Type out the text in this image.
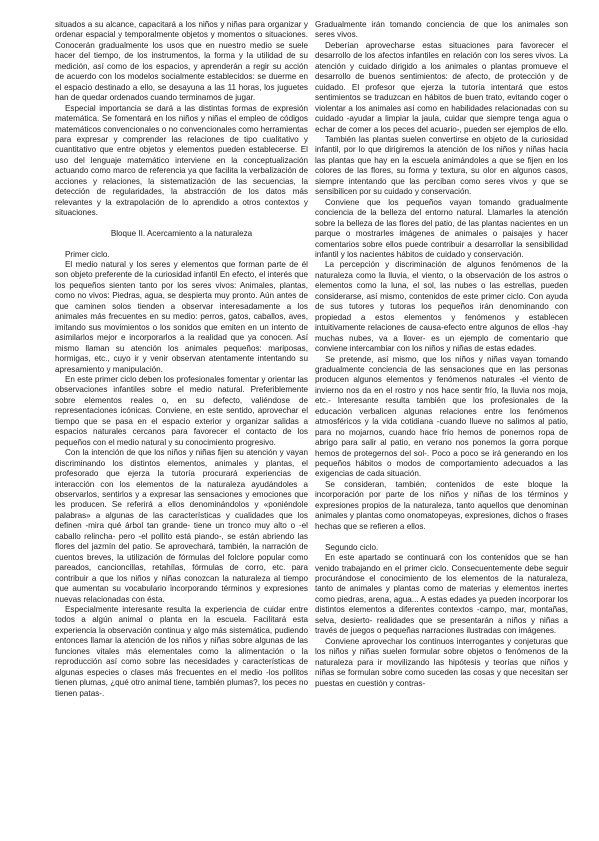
situados a su alcance, capacitará a los niños y niñas para organizar y ordenar espacial y temporalmente objetos y momentos o situaciones. Conocerán gradualmente los usos que en nuestro medio se suele hacer del tiempo, de los instrumentos, la forma y la utilidad de su medición, así como de los espacios, y aprenderán a regir su acción de acuerdo con los modelos socialmente establecidos: se duerme en el espacio destinado a ello, se desayuna a las 11 horas, los juguetes han de quedar ordenados cuando terminamos de jugar.

Especial importancia se dará a las distintas formas de expresión matemática. Se fomentará en los niños y niñas el empleo de códigos matemáticos convencionales o no convencionales como herramientas para expresar y comprender las relaciones de tipo cualitativo y cuantitativo que entre objetos y elementos pueden establecerse. El uso del lenguaje matemático interviene en la conceptualización actuando como marco de referencia ya que facilita la verbalización de acciones y relaciones, la sistematización de las secuencias, la detección de regularidades, la abstracción de los datos más relevantes y la extrapolación de lo aprendido a otros contextos y situaciones.

Bloque II. Acercamiento a la naturaleza

Primer ciclo.

El medio natural y los seres y elementos que forman parte de él son objeto preferente de la curiosidad infantil En efecto, el interés que los pequeños sienten tanto por los seres vivos: Animales, plantas, como no vivos: Piedras, agua, se despierta muy pronto. Aún antes de que caminen solos tienden a observar interesadamente a los animales más frecuentes en su medio: perros, gatos, caballos, aves, imitando sus movimientos o los sonidos que emiten en un intento de asimilarlos mejor e incorporarlos a la realidad que ya conocen. Así mismo llaman su atención los animales pequeños: mariposas, hormigas, etc., cuyo ir y venir observan atentamente intentando su apresamiento y manipulación.

En este primer ciclo deben los profesionales fomentar y orientar las observaciones infantiles sobre el medio natural. Preferiblemente sobre elementos reales o, en su defecto, valiéndose de representaciones icónicas. Conviene, en este sentido, aprovechar el tiempo que se pasa en el espacio exterior y organizar salidas a espacios naturales cercanos para favorecer el contacto de los pequeños con el medio natural y su conocimiento progresivo.

Con la intención de que los niños y niñas fijen su atención y vayan discriminando los distintos elementos, animales y plantas, el profesorado que ejerza la tutoría procurará experiencias de interacción con los elementos de la naturaleza ayudándoles a observarlos, sentirlos y a expresar las sensaciones y emociones que les producen. Se referirá a ellos denominándolos y «poniéndole palabras» a algunas de las características y cualidades que los definen -mira qué árbol tan grande- tiene un tronco muy alto o -el caballo relincha- pero -el pollito está piando-, se están abriendo las flores del jazmín del patio. Se aprovechará, también, la narración de cuentos breves, la utilización de fórmulas del folclore popular como pareados, cancioncillas, retahílas, fórmulas de corro, etc. para contribuir a que los niños y niñas conozcan la naturaleza al tiempo que aumentan su vocabulario incorporando términos y expresiones nuevas relacionadas con ésta.

Especialmente interesante resulta la experiencia de cuidar entre todos a algún animal o planta en la escuela. Facilitará esta experiencia la observación continua y algo más sistemática, pudiendo entonces llamar la atención de los niños y niñas sobre algunas de las funciones vitales más elementales como la alimentación o la reproducción así como sobre las necesidades y características de algunas especies o clases más frecuentes en el medio -los pollitos tienen plumas, ¿qué otro animal tiene, también plumas?, los peces no tienen patas-.

Gradualmente irán tomando conciencia de que los animales son seres vivos.

Deberían aprovecharse estas situaciones para favorecer el desarrollo de los afectos infantiles en relación con los seres vivos. La atención y cuidado dirigido a los animales o plantas promueve el desarrollo de buenos sentimientos: de afecto, de protección y de cuidado. El profesor que ejerza la tutoría intentará que estos sentimientos se traduzcan en hábitos de buen trato, evitando coger o violentar a los animales así como en habilidades relacionadas con su cuidado -ayudar a limpiar la jaula, cuidar que siempre tenga agua o echar de comer a los peces del acuario-, pueden ser ejemplos de ello.

También las plantas suelen convertirse en objeto de la curiosidad infantil, por lo que dirigiremos la atención de los niños y niñas hacia las plantas que hay en la escuela animándoles a que se fijen en los colores de las flores, su forma y textura, su olor en algunos casos, siempre intentando que las perciban como seres vivos y que se sensibilicen por su cuidado y conservación.

Conviene que los pequeños vayan tomando gradualmente conciencia de la belleza del entorno natural. Llamarles la atención sobre la belleza de las flores del patio, de las plantas nacientes en un parque o mostrarles imágenes de animales o paisajes y hacer comentarios sobre ellos puede contribuir a desarrollar la sensibilidad infantil y los nacientes hábitos de cuidado y conservación.

La percepción y discriminación de algunos fenómenos de la naturaleza como la lluvia, el viento, o la observación de los astros o elementos como la luna, el sol, las nubes o las estrellas, pueden considerarse, así mismo, contenidos de este primer ciclo. Con ayuda de sus tutores y tutoras los pequeños irán denominando con propiedad a estos elementos y fenómenos y establecen intuitivamente relaciones de causa-efecto entre algunos de ellos -hay muchas nubes, va a llover- es un ejemplo de comentario que conviene intercambiar con los niños y niñas de estas edades.

Se pretende, así mismo, que los niños y niñas vayan tomando gradualmente conciencia de las sensaciones que en las personas producen algunos elementos y fenómenos naturales -el viento de invierno nos da en el rostro y nos hace sentir frío, la lluvia nos moja, etc.- Interesante resulta también que los profesionales de la educación verbalicen algunas relaciones entre los fenómenos atmosféricos y la vida cotidiana -cuando llueve no salimos al patio, para no mojarnos, cuando hace frío hemos de ponernos ropa de abrigo para salir al patio, en verano nos ponemos la gorra porque hemos de protegernos del sol-. Poco a poco se irá generando en los pequeños hábitos o modos de comportamiento adecuados a las exigencias de cada situación.

Se consideran, también, contenidos de este bloque la incorporación por parte de los niños y niñas de los términos y expresiones propios de la naturaleza, tanto aquellos que denominan animales y plantas como onomatopeyas, expresiones, dichos o frases hechas que se refieren a ellos.

Segundo ciclo.

En este apartado se continuará con los contenidos que se han venido trabajando en el primer ciclo. Consecuentemente debe seguir procurándose el conocimiento de los elementos de la naturaleza, tanto de animales y plantas como de materias y elementos inertes como piedras, arena, agua... A estas edades ya pueden incorporar los distintos elementos a diferentes contextos -campo, mar, montañas, selva, desierto- realidades que se presentarán a niños y niñas a través de juegos o pequeñas narraciones ilustradas con imágenes.

Conviene aprovechar los continuos interrogantes y conjeturas que los niños y niñas suelen formular sobre objetos o fenómenos de la naturaleza para ir movilizando las hipótesis y teorías que niños y niñas se formulan sobre como suceden las cosas y que necesitan ser puestas en cuestión y contras-
